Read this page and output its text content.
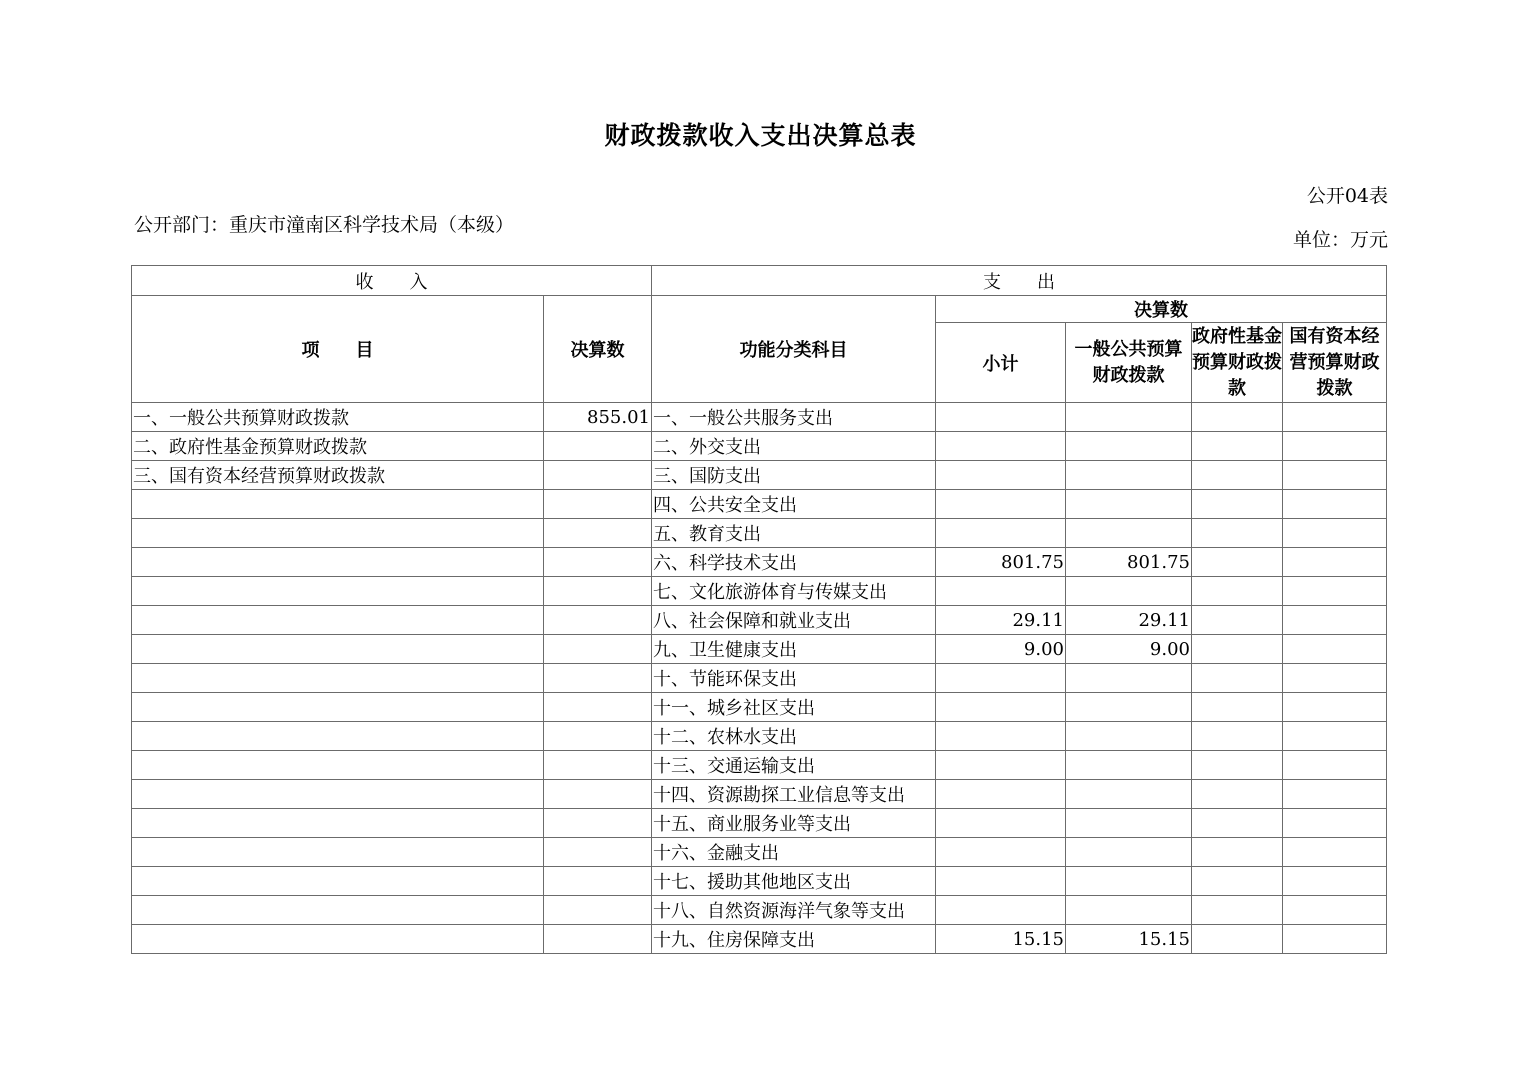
财政拨款收入支出决算总表
公开04表
公开部门：重庆市潼南区科学技术局（本级）
单位：万元
收　　入		支　　出				
项　　目	决算数	功能分类科目	决算数			
			小计	一般公共预算财政拨款	政府性基金预算财政拨款	国有资本经营预算财政拨款
一、一般公共预算财政拨款	855.01	一、一般公共服务支出				
二、政府性基金预算财政拨款		二、外交支出				
三、国有资本经营预算财政拨款		三、国防支出				
		四、公共安全支出				
		五、教育支出				
		六、科学技术支出	801.75	801.75		
		七、文化旅游体育与传媒支出				
		八、社会保障和就业支出	29.11	29.11		
		九、卫生健康支出	9.00	9.00		
		十、节能环保支出				
		十一、城乡社区支出				
		十二、农林水支出				
		十三、交通运输支出				
		十四、资源勘探工业信息等支出				
		十五、商业服务业等支出				
		十六、金融支出				
		十七、援助其他地区支出				
		十八、自然资源海洋气象等支出				
		十九、住房保障支出	15.15	15.15		
